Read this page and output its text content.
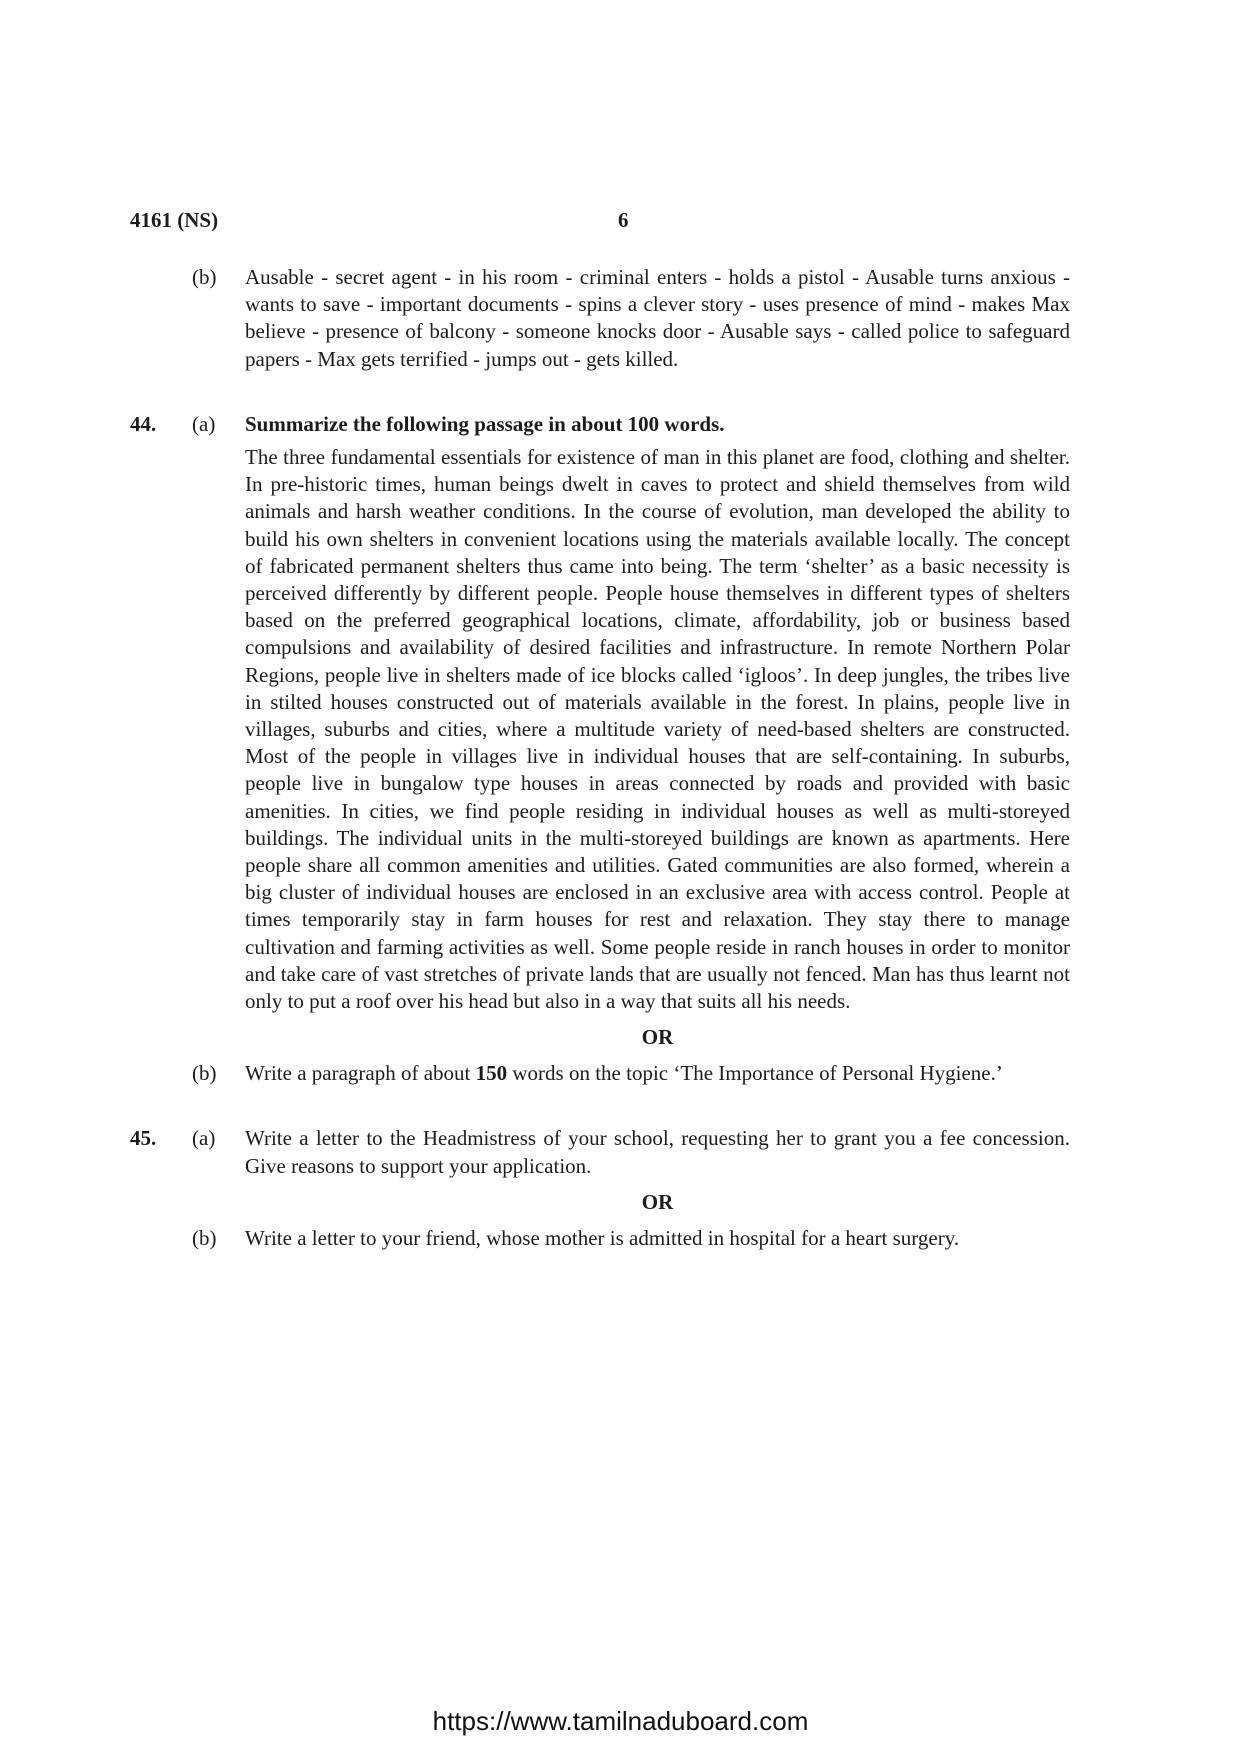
4161 (NS)	6
(b) Ausable - secret agent - in his room - criminal enters - holds a pistol - Ausable turns anxious - wants to save - important documents - spins a clever story - uses presence of mind - makes Max believe - presence of balcony - someone knocks door - Ausable says - called police to safeguard papers - Max gets terrified - jumps out - gets killed.
44. (a) Summarize the following passage in about 100 words.
The three fundamental essentials for existence of man in this planet are food, clothing and shelter. In pre-historic times, human beings dwelt in caves to protect and shield themselves from wild animals and harsh weather conditions. In the course of evolution, man developed the ability to build his own shelters in convenient locations using the materials available locally. The concept of fabricated permanent shelters thus came into being. The term ‘shelter’ as a basic necessity is perceived differently by different people. People house themselves in different types of shelters based on the preferred geographical locations, climate, affordability, job or business based compulsions and availability of desired facilities and infrastructure. In remote Northern Polar Regions, people live in shelters made of ice blocks called ‘igloos’. In deep jungles, the tribes live in stilted houses constructed out of materials available in the forest. In plains, people live in villages, suburbs and cities, where a multitude variety of need-based shelters are constructed. Most of the people in villages live in individual houses that are self-containing. In suburbs, people live in bungalow type houses in areas connected by roads and provided with basic amenities. In cities, we find people residing in individual houses as well as multi-storeyed buildings. The individual units in the multi-storeyed buildings are known as apartments. Here people share all common amenities and utilities. Gated communities are also formed, wherein a big cluster of individual houses are enclosed in an exclusive area with access control. People at times temporarily stay in farm houses for rest and relaxation. They stay there to manage cultivation and farming activities as well. Some people reside in ranch houses in order to monitor and take care of vast stretches of private lands that are usually not fenced. Man has thus learnt not only to put a roof over his head but also in a way that suits all his needs.
OR
(b) Write a paragraph of about 150 words on the topic ‘The Importance of Personal Hygiene.’
45. (a) Write a letter to the Headmistress of your school, requesting her to grant you a fee concession. Give reasons to support your application.
OR
(b) Write a letter to your friend, whose mother is admitted in hospital for a heart surgery.
https://www.tamilnaduboard.com
